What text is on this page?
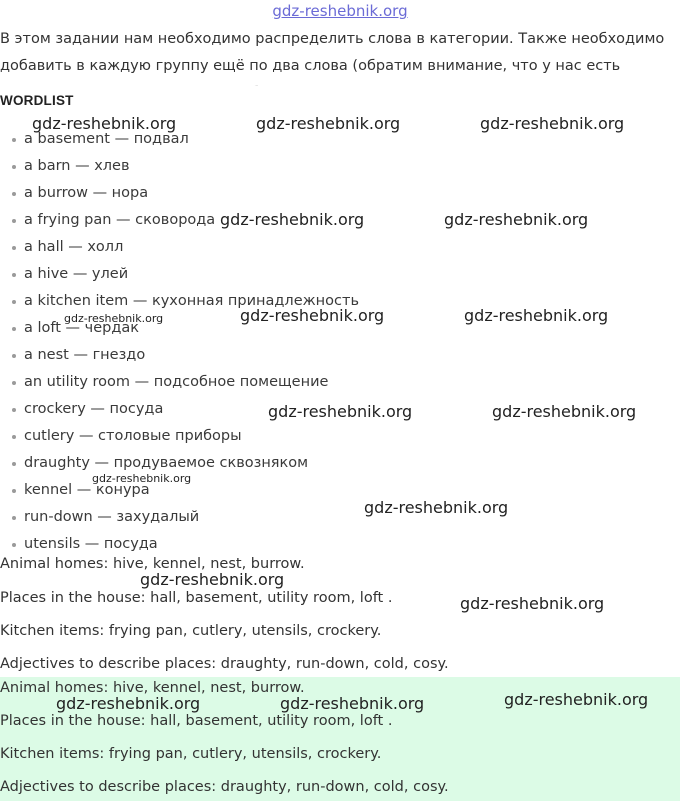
gdz-reshebnik.org
В этом задании нам необходимо распределить слова в категории. Также необходимо добавить в каждую группу ещё по два слова (обратим внимание, что у нас есть
WORDLIST
a basement — подвал
a barn — хлев
a burrow — нора
a frying pan — сковорода
a hall — холл
a hive — улей
a kitchen item — кухонная принадлежность
a loft — чердак
a nest — гнездо
an utility room — подсобное помещение
crockery — посуда
cutlery — столовые приборы
draughty — продуваемое сквозняком
kennel — конура
run-down — захудалый
utensils — посуда
Animal homes: hive, kennel, nest, burrow.
Places in the house: hall, basement, utility room, loft .
Kitchen items: frying pan, cutlery, utensils, crockery.
Adjectives to describe places: draughty, run-down, cold, cosy.
Animal homes: hive, kennel, nest, burrow.
Places in the house: hall, basement, utility room, loft .
Kitchen items: frying pan, cutlery, utensils, crockery.
Adjectives to describe places: draughty, run-down, cold, cosy.
gdz-reshebnik.org	gdz-reshebnik.org	gdz-reshebnik.org
gdz-reshebnik.org	gdz-reshebnik.org
gdz-reshebnik.org	gdz-reshebnik.org	gdz-reshebnik.org
gdz-reshebnik.org	gdz-reshebnik.org
gdz-reshebnik.org
gdz-reshebnik.org
gdz-reshebnik.org
gdz-reshebnik.org
gdz-reshebnik.org	gdz-reshebnik.org	gdz-reshebnik.org
